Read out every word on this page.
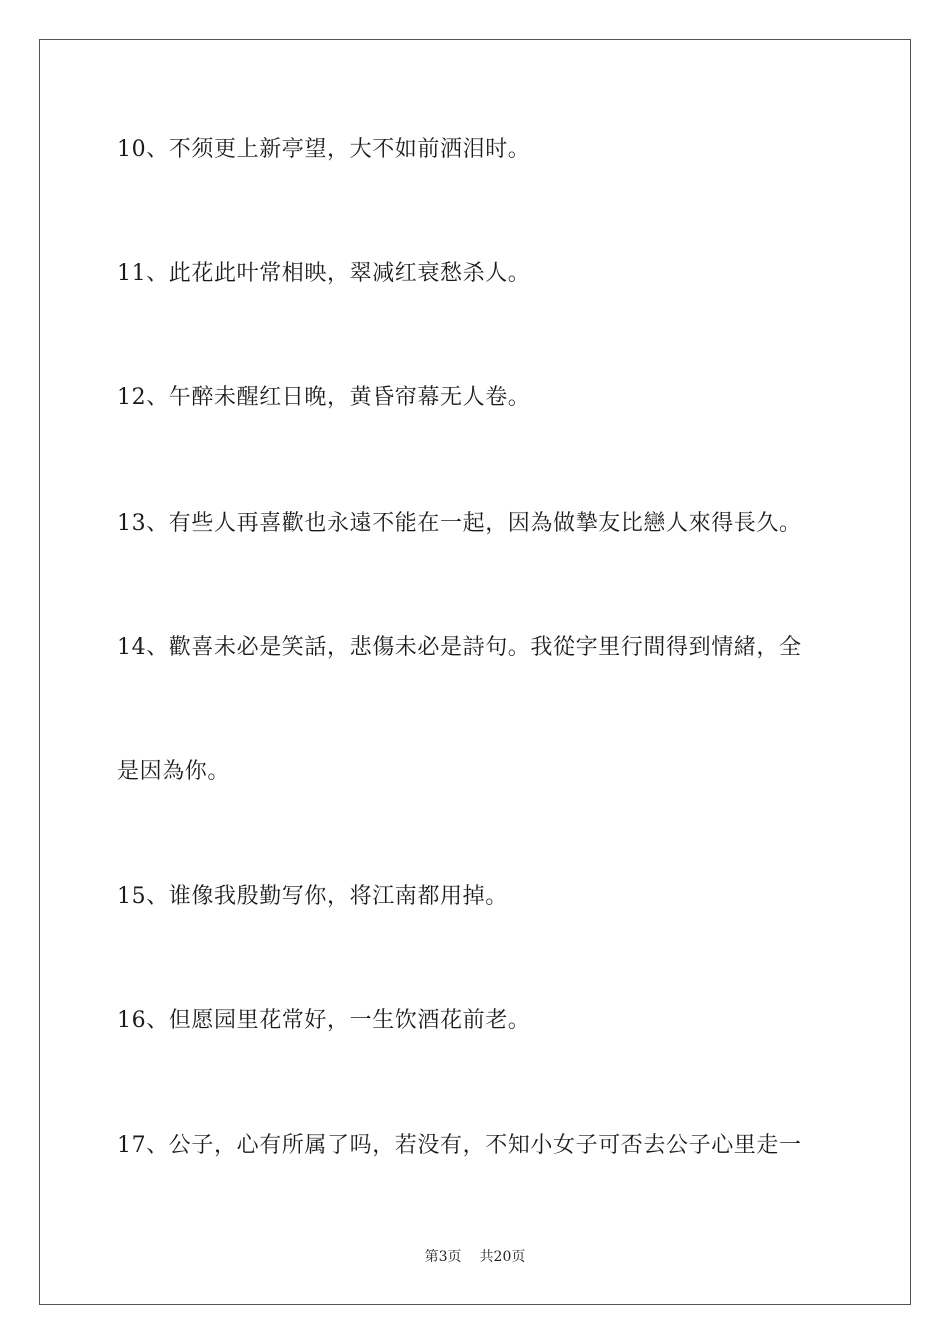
10、不须更上新亭望，大不如前洒泪时。
11、此花此叶常相映，翠减红衰愁杀人。
12、午醉未醒红日晚，黄昏帘幕无人卷。
13、有些人再喜歡也永遠不能在一起，因為做摯友比戀人來得長久。
14、歡喜未必是笑話，悲傷未必是詩句。我從字里行間得到情緒，全
是因為你。
15、谁像我殷勤写你，将江南都用掉。
16、但愿园里花常好，一生饮酒花前老。
17、公子，心有所属了吗，若没有，不知小女子可否去公子心里走一
第3页 共20页
